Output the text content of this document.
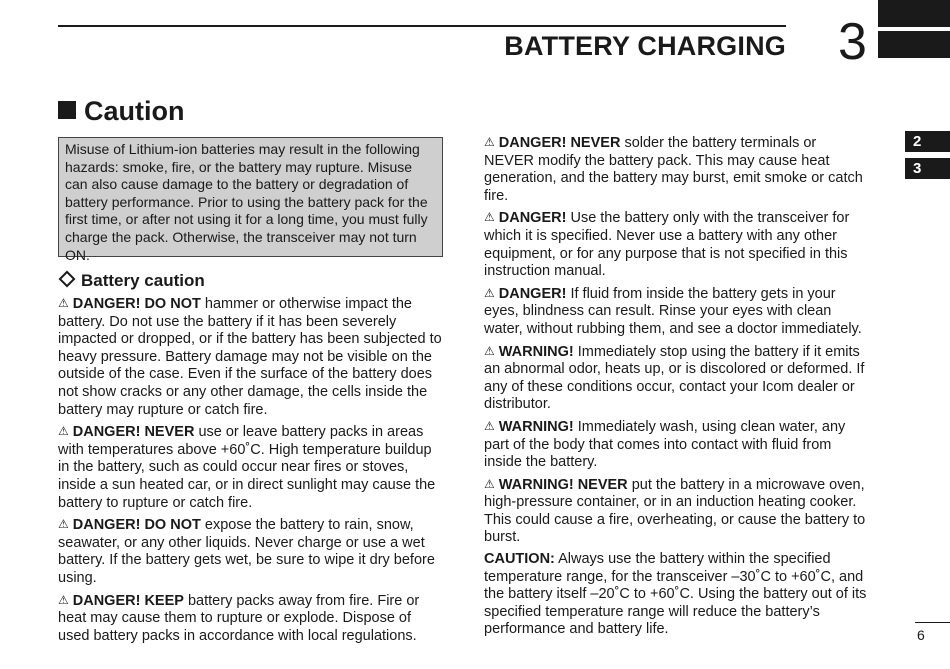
BATTERY CHARGING 3
2
3
Caution
Misuse of Lithium-ion batteries may result in the following hazards: smoke, fire, or the battery may rupture. Misuse can also cause damage to the battery or degradation of battery performance. Prior to using the battery pack for the first time, or after not using it for a long time, you must fully charge the pack. Otherwise, the transceiver may not turn ON.
Battery caution

⚠ DANGER! DO NOT hammer or otherwise impact the battery. Do not use the battery if it has been severely impacted or dropped, or if the battery has been subjected to heavy pressure. Battery damage may not be visible on the outside of the case. Even if the surface of the battery does not show cracks or any other damage, the cells inside the battery may rupture or catch fire.

⚠ DANGER! NEVER use or leave battery packs in areas with temperatures above +60˚C. High temperature buildup in the battery, such as could occur near fires or stoves, inside a sun heated car, or in direct sunlight may cause the battery to rupture or catch fire.

⚠ DANGER! DO NOT expose the battery to rain, snow, seawater, or any other liquids. Never charge or use a wet battery. If the battery gets wet, be sure to wipe it dry before using.

⚠ DANGER! KEEP battery packs away from fire. Fire or heat may cause them to rupture or explode. Dispose of used battery packs in accordance with local regulations.

⚠ DANGER! NEVER solder the battery terminals or NEVER modify the battery pack. This may cause heat generation, and the battery may burst, emit smoke or catch fire.

⚠ DANGER! Use the battery only with the transceiver for which it is specified. Never use a battery with any other equipment, or for any purpose that is not specified in this instruction manual.

⚠ DANGER! If fluid from inside the battery gets in your eyes, blindness can result. Rinse your eyes with clean water, without rubbing them, and see a doctor immediately.

⚠ WARNING! Immediately stop using the battery if it emits an abnormal odor, heats up, or is discolored or deformed. If any of these conditions occur, contact your Icom dealer or distributor.

⚠ WARNING! Immediately wash, using clean water, any part of the body that comes into contact with fluid from inside the battery.

⚠ WARNING! NEVER put the battery in a microwave oven, high-pressure container, or in an induction heating cooker. This could cause a fire, overheating, or cause the battery to burst.

CAUTION: Always use the battery within the specified temperature range, for the transceiver –30˚C to +60˚C, and the battery itself –20˚C to +60˚C. Using the battery out of its specified temperature range will reduce the battery’s performance and battery life.	6
